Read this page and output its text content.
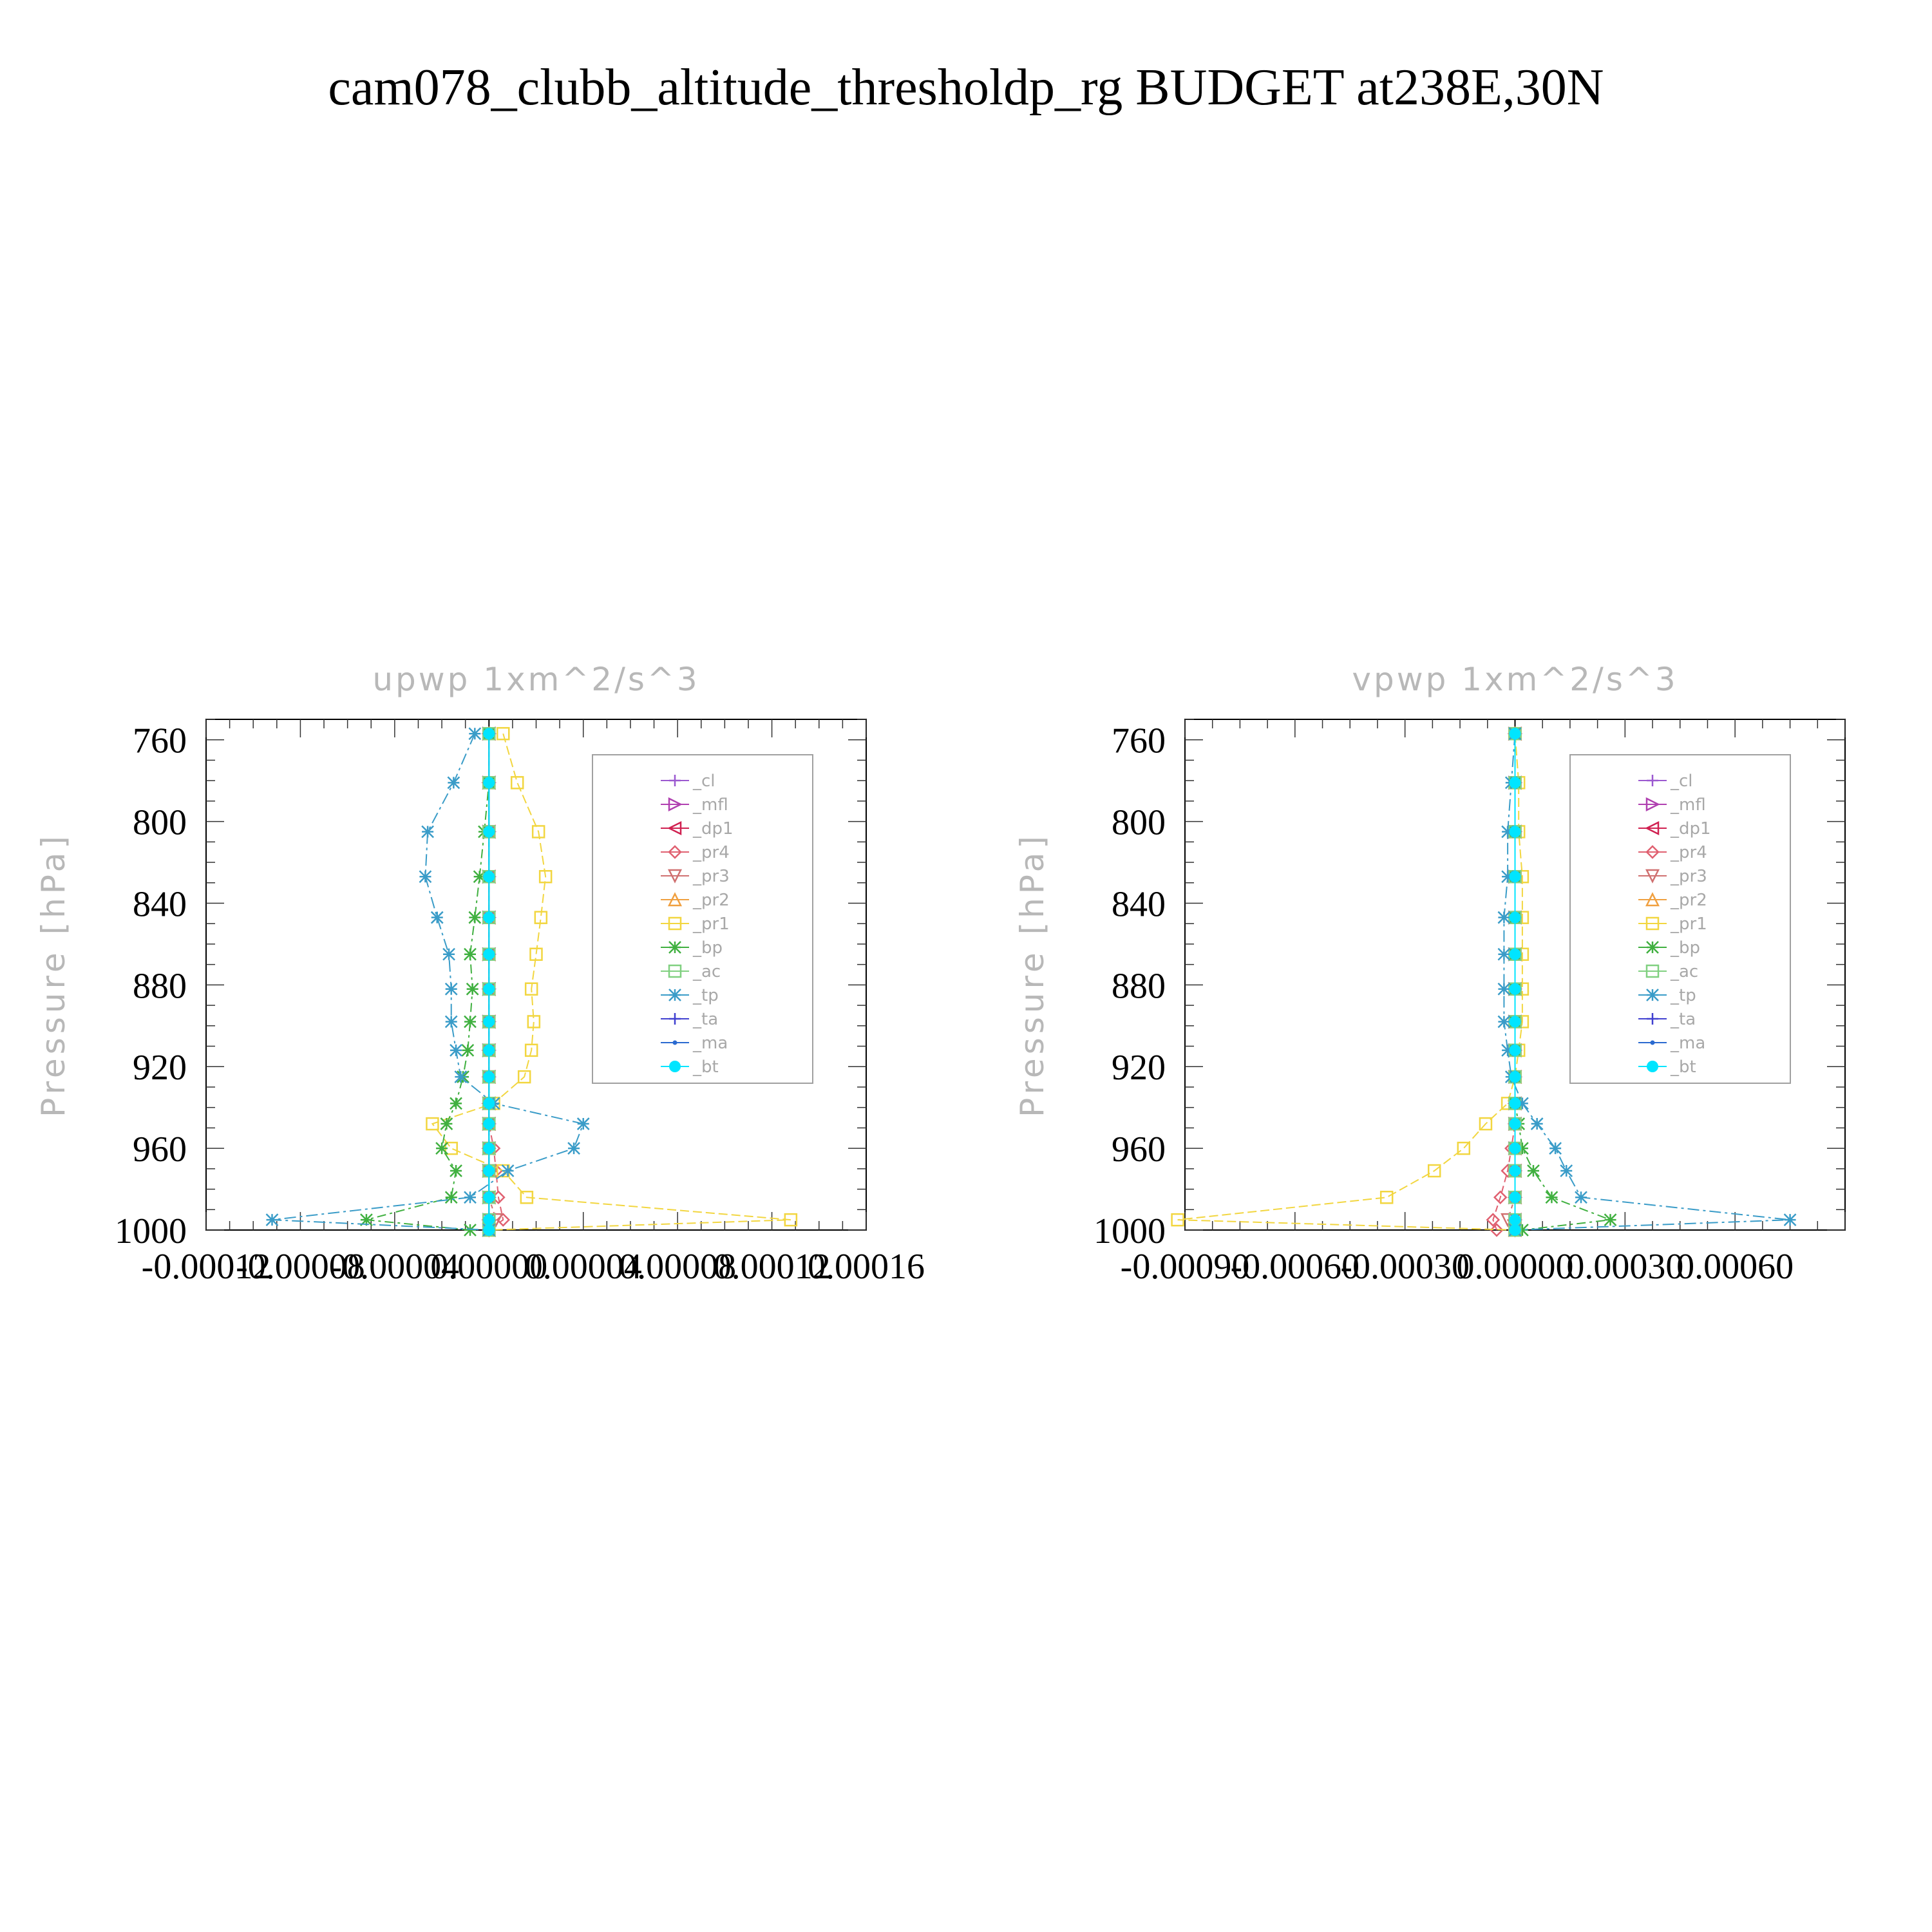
cam078_clubb_altitude_thresholdp_rg BUDGET at238E,30N
upwp 1xm^2/s^3
Pressure [hPa]
760
800
840
880
920
960
1000
-0.00012
-0.00008
-0.00004
0.00000
0.00004
0.00008
0.00012
0.00016
_cl
_mfl
_dp1
_pr4
_pr3
_pr2
_pr1
_bp
_ac
_tp
_ta
_ma
_bt
vpwp 1xm^2/s^3
Pressure [hPa]
760
800
840
880
920
960
1000
-0.00090
-0.00060
-0.00030
0.00000
0.00030
0.00060
_cl
_mfl
_dp1
_pr4
_pr3
_pr2
_pr1
_bp
_ac
_tp
_ta
_ma
_bt
